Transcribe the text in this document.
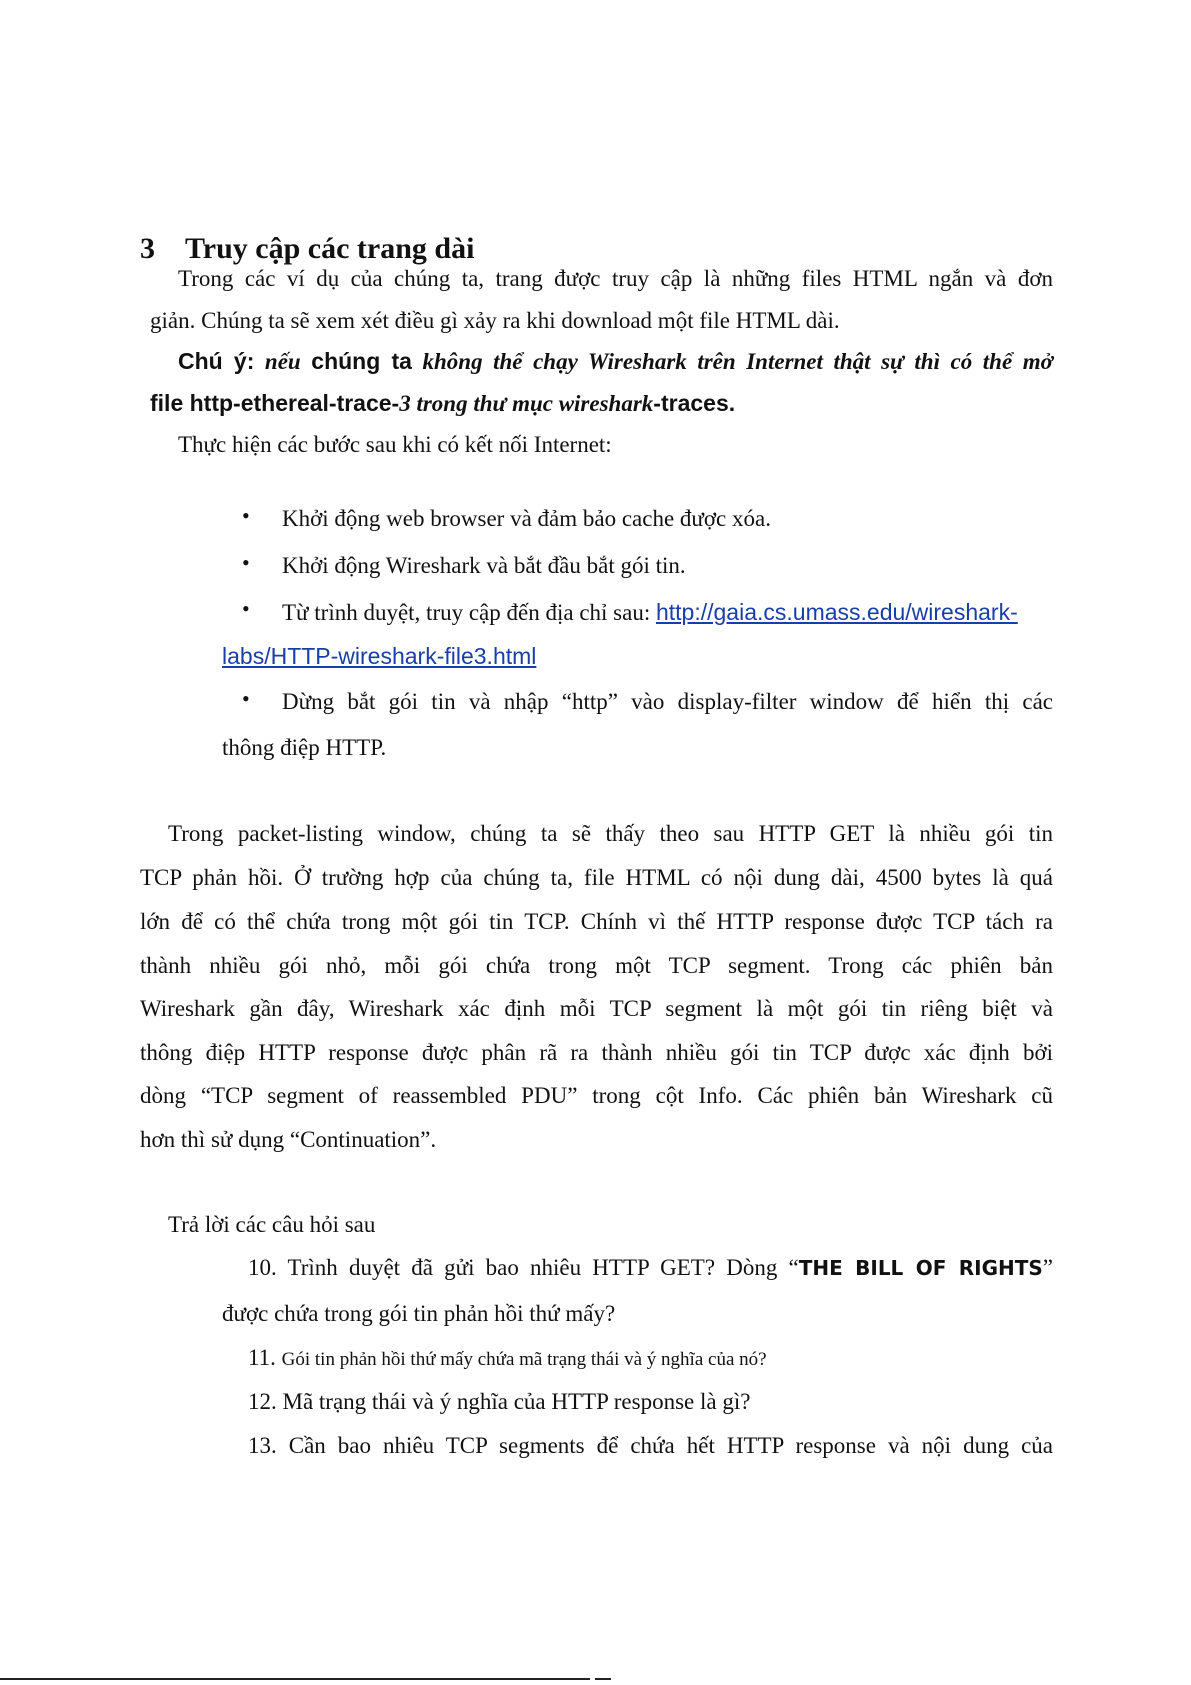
3 Truy cập các trang dài
Trong các ví dụ của chúng ta, trang được truy cập là những files HTML ngắn và đơn
giản. Chúng ta sẽ xem xét điều gì xảy ra khi download một file HTML dài.
Chú ý: nếu chúng ta không thể chạy Wireshark trên Internet thật sự thì có thể mở
file http-ethereal-trace-3 trong thư mục wireshark-traces.
Thực hiện các bước sau khi có kết nối Internet:
• Khởi động web browser và đảm bảo cache được xóa.
• Khởi động Wireshark và bắt đầu bắt gói tin.
• Từ trình duyệt, truy cập đến địa chỉ sau: http://gaia.cs.umass.edu/wireshark-
labs/HTTP-wireshark-file3.html
• Dừng bắt gói tin và nhập “http” vào display-filter window để hiển thị các
thông điệp HTTP.
Trong packet-listing window, chúng ta sẽ thấy theo sau HTTP GET là nhiều gói tin
TCP phản hồi. Ở trường hợp của chúng ta, file HTML có nội dung dài, 4500 bytes là quá
lớn để có thể chứa trong một gói tin TCP. Chính vì thế HTTP response được TCP tách ra
thành nhiều gói nhỏ, mỗi gói chứa trong một TCP segment. Trong các phiên bản
Wireshark gần đây, Wireshark xác định mỗi TCP segment là một gói tin riêng biệt và
thông điệp HTTP response được phân rã ra thành nhiều gói tin TCP được xác định bởi
dòng “TCP segment of reassembled PDU” trong cột Info. Các phiên bản Wireshark cũ
hơn thì sử dụng “Continuation”.
Trả lời các câu hỏi sau
10. Trình duyệt đã gửi bao nhiêu HTTP GET? Dòng “THE BILL OF RIGHTS”
được chứa trong gói tin phản hồi thứ mấy?
11. Gói tin phản hồi thứ mấy chứa mã trạng thái và ý nghĩa của nó?
12. Mã trạng thái và ý nghĩa của HTTP response là gì?
13. Cần bao nhiêu TCP segments để chứa hết HTTP response và nội dung của
